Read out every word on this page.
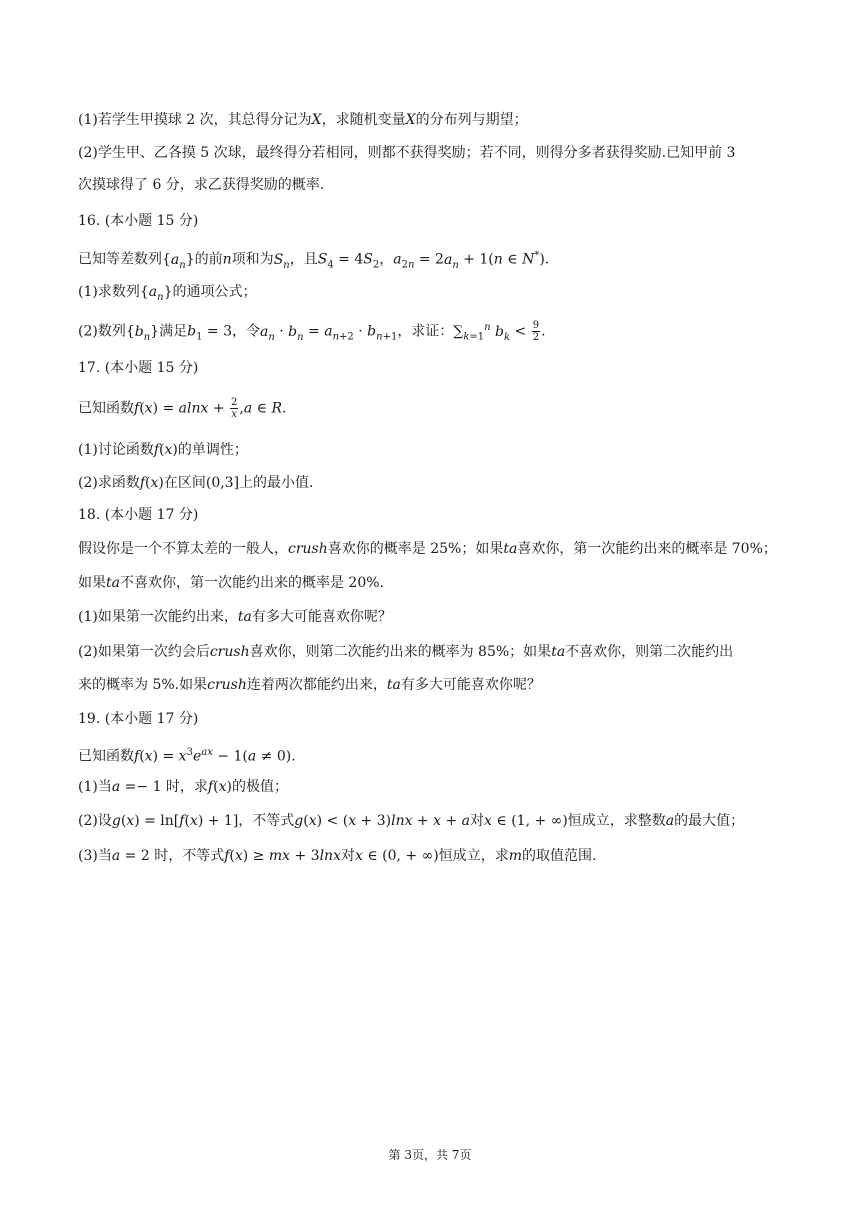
(1)若学生甲摸球 2 次，其总得分记为X，求随机变量X的分布列与期望；
(2)学生甲、乙各摸 5 次球，最终得分若相同，则都不获得奖励；若不同，则得分多者获得奖励.已知甲前 3
次摸球得了 6 分，求乙获得奖励的概率.
16. (本小题 15 分)
已知等差数列$\{a_n\}$的前n项和为$S_n$，且$S_4 = 4S_2$，$a_{2n} = 2a_n + 1(n$ ∈ N*).
(1)求数列$\{a_n\}$的通项公式；
(2)数列$\{b_n\}$满足$b_1 = 3$，令$a_n \cdot b_n = a_{n+2} \cdot b_{n+1}$，求证：$\sum_{k=1}^n$ $b_k < \frac{9}{2}$ .
17. (本小题 15 分)
已知函数$f(x) = alnx + \frac{2}{x} ,a$ ∈ R.
(1)讨论函数f(x)的单调性；
(2)求函数f(x)在区间(0,3]上的最小值.
18. (本小题 17 分)
假设你是一个不算太差的一般人，crush喜欢你的概率是 25%；如果ta喜欢你，第一次能约出来的概率是 70%；
如果ta不喜欢你，第一次能约出来的概率是 20%.
(1)如果第一次能约出来，ta有多大可能喜欢你呢？
(2)如果第一次约会后crush喜欢你，则第二次能约出来的概率为 85%；如果ta不喜欢你，则第二次能约出
来的概率为 5%.如果crush连着两次都能约出来，ta有多大可能喜欢你呢？
19. (本小题 17 分)
已知函数$f(x) = x^3e^{ax} - 1(a \ne 0)$.
(1)当a =− 1 时，求f(x)的极值；
(2)设g(x) = ln[f(x) + 1]，不等式g(x) < (x + 3)lnx + x + a对x ∈ (1, + ∞)恒成立，求整数a的最大值；
(3)当a = 2 时，不等式f(x) ≥ mx + 3lnx对x ∈ (0, + ∞)恒成立，求m的取值范围.
第 3页，共 7页
